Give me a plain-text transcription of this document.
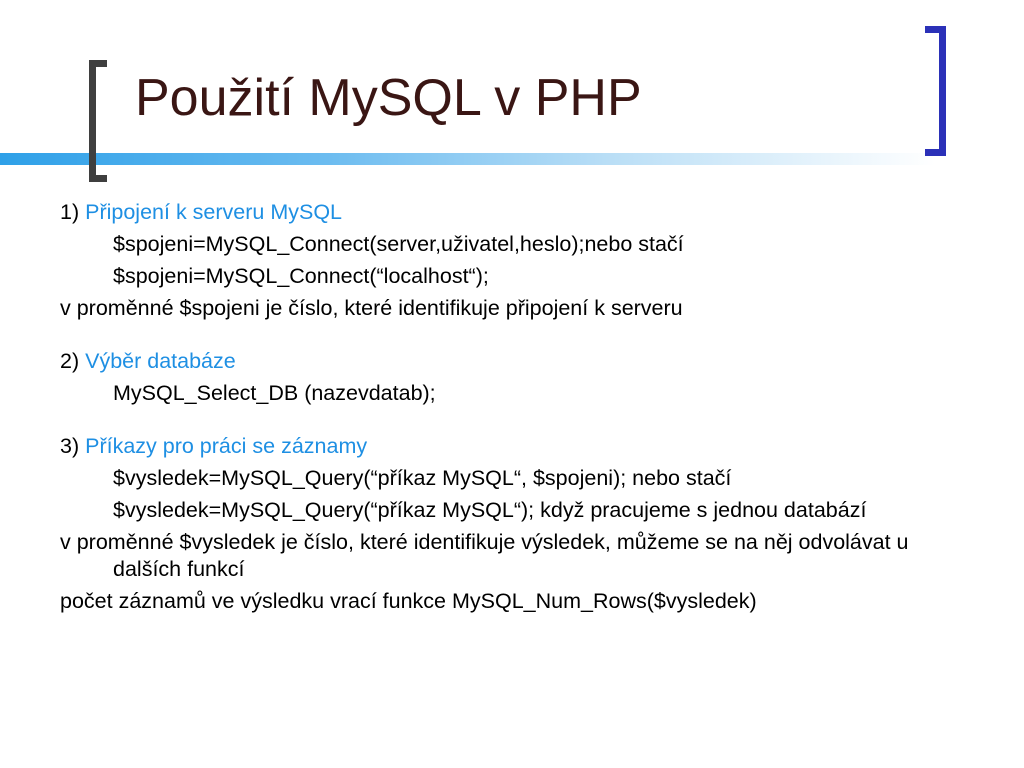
Použití MySQL v PHP

1) Připojení k serveru MySQL

$spojeni=MySQL_Connect(server,uživatel,heslo);nebo stačí

$spojeni=MySQL_Connect(“localhost“);

v proměnné $spojeni je číslo, které identifikuje připojení k serveru

2) Výběr databáze

MySQL_Select_DB (nazevdatab);

3) Příkazy pro práci se záznamy

$vysledek=MySQL_Query(“příkaz MySQL“, $spojeni); nebo stačí

$vysledek=MySQL_Query(“příkaz MySQL“); když pracujeme s jednou databází

v proměnné $vysledek je číslo, které identifikuje výsledek, můžeme se na něj odvolávat u dalších funkcí

počet záznamů ve výsledku vrací funkce MySQL_Num_Rows($vysledek)
